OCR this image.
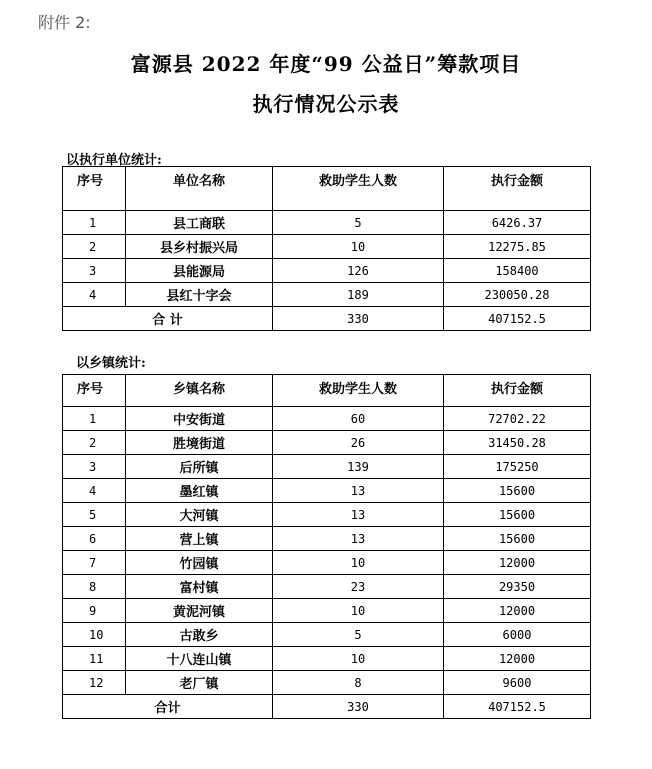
附件 2:
富源县 2022 年度“99 公益日”筹款项目
执行情况公示表
以执行单位统计:
序号	单位名称	救助学生人数	执行金额
1	县工商联	5	6426.37
2	县乡村振兴局	10	12275.85
3	县能源局	126	158400
4	县红十字会	189	230050.28
合 计		330	407152.5
以乡镇统计:
序号	乡镇名称	救助学生人数	执行金额
1	中安街道	60	72702.22
2	胜境街道	26	31450.28
3	后所镇	139	175250
4	墨红镇	13	15600
5	大河镇	13	15600
6	营上镇	13	15600
7	竹园镇	10	12000
8	富村镇	23	29350
9	黄泥河镇	10	12000
10	古敢乡	5	6000
11	十八连山镇	10	12000
12	老厂镇	8	9600
合计		330	407152.5
